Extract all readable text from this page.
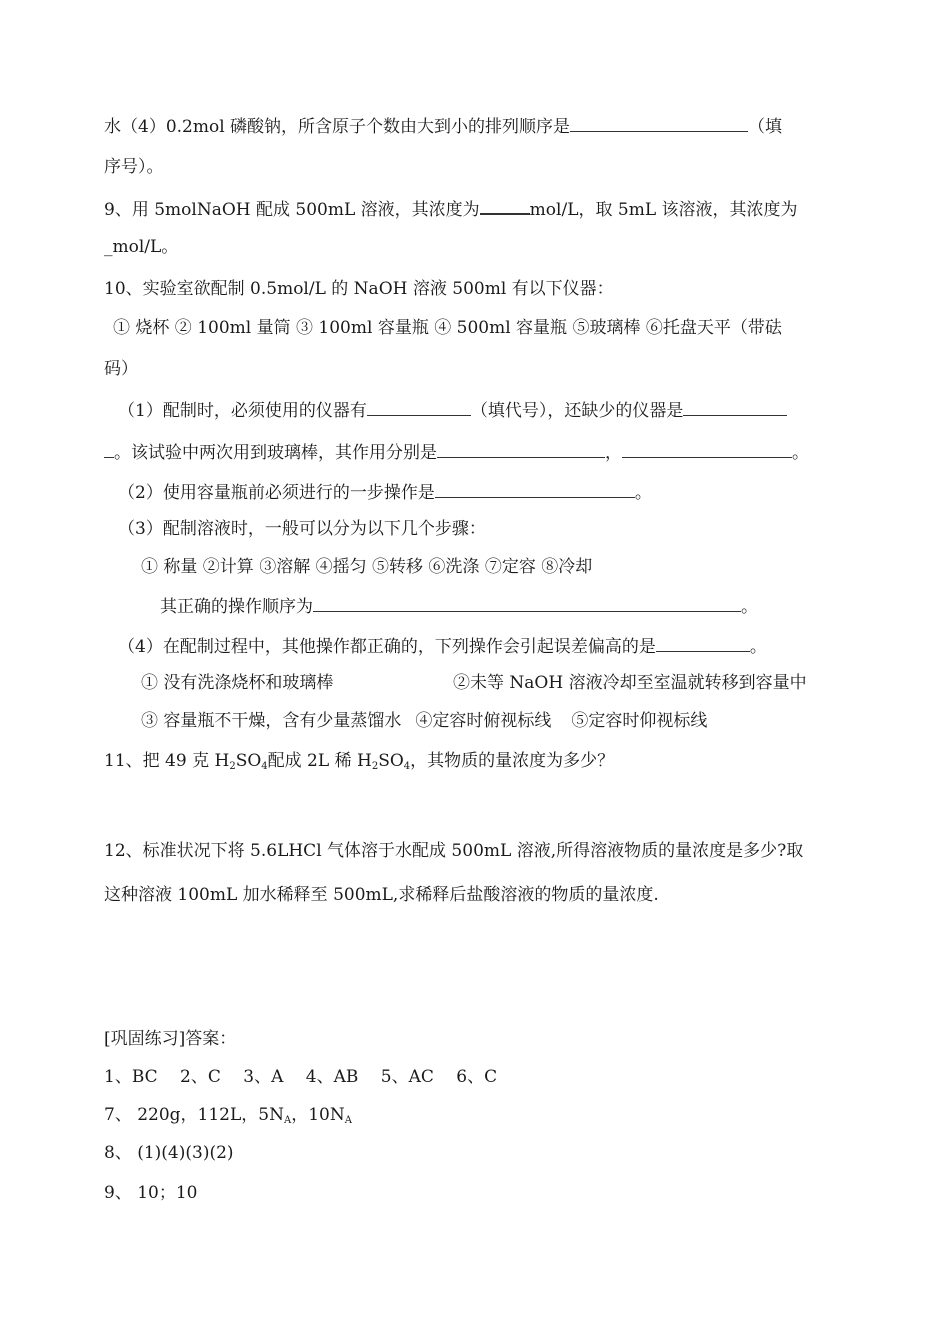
水（4）0.2mol 磷酸钠，所含原子个数由大到小的排列顺序是	（填
序号）。
9、用 5molNaOH 配成 500mL 溶液，其浓度为	mol/L，取 5mL 该溶液，其浓度为
_mol/L。
10、实验室欲配制 0.5mol/L 的 NaOH 溶液 500ml 有以下仪器：
① 烧杯 ② 100ml 量筒 ③ 100ml 容量瓶 ④ 500ml 容量瓶 ⑤玻璃棒 ⑥托盘天平（带砝
码）
（1）配制时，必须使用的仪器有	（填代号），还缺少的仪器是
。该试验中两次用到玻璃棒，其作用分别是	，	。
（2）使用容量瓶前必须进行的一步操作是	。
（3）配制溶液时，一般可以分为以下几个步骤：
① 称量 ②计算 ③溶解 ④摇匀 ⑤转移 ⑥洗涤 ⑦定容 ⑧冷却
其正确的操作顺序为	。
（4）在配制过程中，其他操作都正确的，下列操作会引起误差偏高的是	。
① 没有洗涤烧杯和玻璃棒	②未等 NaOH 溶液冷却至室温就转移到容量中
③ 容量瓶不干燥，含有少量蒸馏水 ④定容时俯视标线 ⑤定容时仰视标线
11、把 49 克 $H_2SO_4$配成 2L 稀 $H_2SO_4$，其物质的量浓度为多少？
12、标准状况下将 5.6LHCl 气体溶于水配成 500mL 溶液,所得溶液物质的量浓度是多少?取
这种溶液 100mL 加水稀释至 500mL,求稀释后盐酸溶液的物质的量浓度.
[巩固练习]答案：
1、BC　 2、C　 3、A　 4、AB　 5、AC　 6、C
7、 220g，112L，$5N_A$，$10N_A$
8、 (1)(4)(3)(2)
9、 10；10
